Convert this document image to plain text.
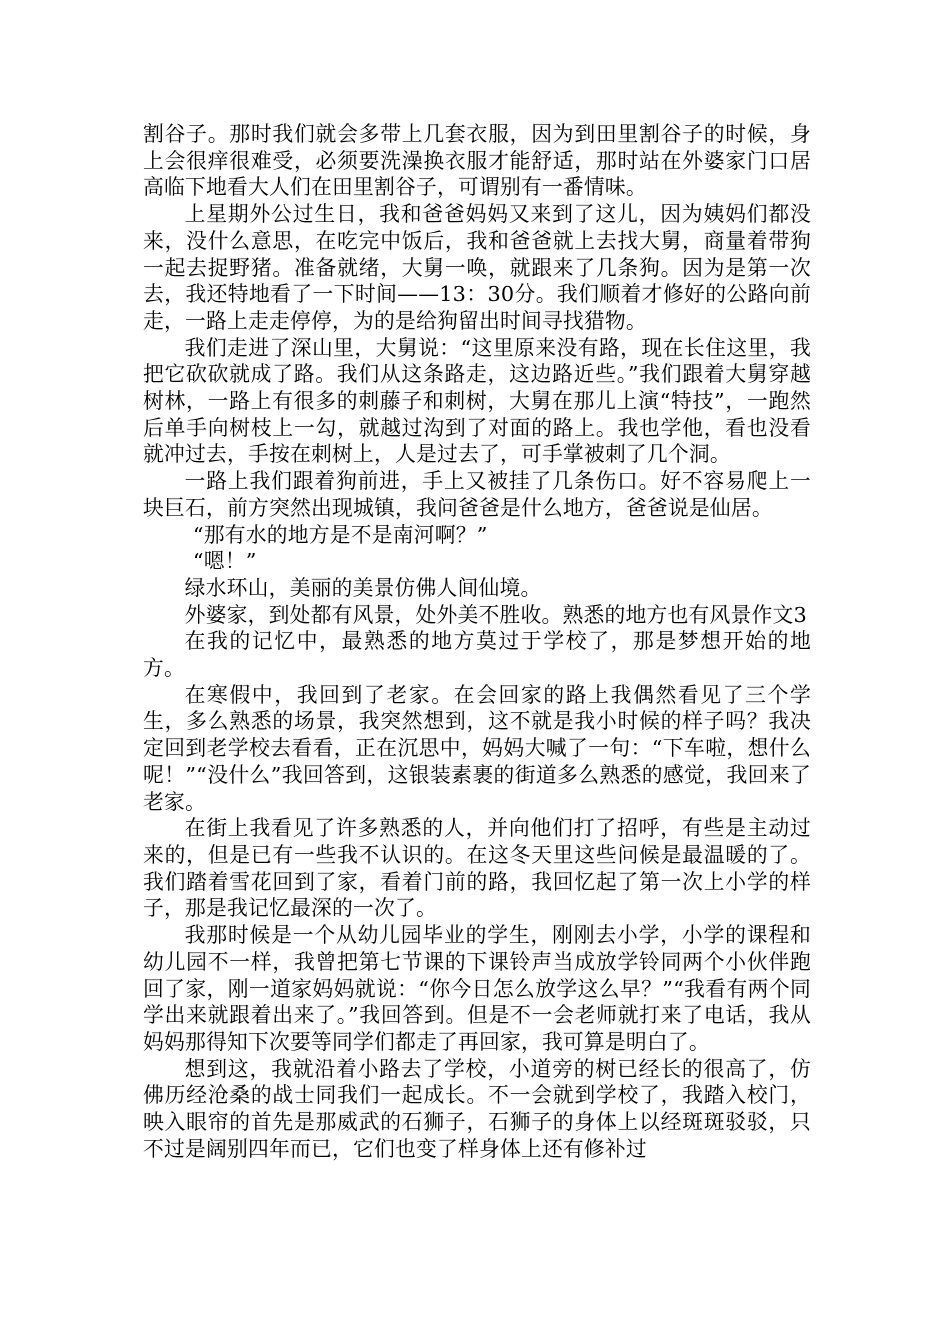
割谷子。那时我们就会多带上几套衣服，因为到田里割谷子的时候，身上会很痒很难受，必须要洗澡换衣服才能舒适，那时站在外婆家门口居高临下地看大人们在田里割谷子，可谓别有一番情味。

上星期外公过生日，我和爸爸妈妈又来到了这儿，因为姨妈们都没来，没什么意思，在吃完中饭后，我和爸爸就上去找大舅，商量着带狗一起去捉野猪。准备就绪，大舅一唤，就跟来了几条狗。因为是第一次去，我还特地看了一下时间——13：30分。我们顺着才修好的公路向前走，一路上走走停停，为的是给狗留出时间寻找猎物。

我们走进了深山里，大舅说：“这里原来没有路，现在长住这里，我把它砍砍就成了路。我们从这条路走，这边路近些。”我们跟着大舅穿越树林，一路上有很多的刺藤子和刺树，大舅在那儿上演“特技”，一跑然后单手向树枝上一勾，就越过沟到了对面的路上。我也学他，看也没看就冲过去，手按在刺树上，人是过去了，可手掌被刺了几个洞。

一路上我们跟着狗前进，手上又被挂了几条伤口。好不容易爬上一块巨石，前方突然出现城镇，我问爸爸是什么地方，爸爸说是仙居。

“那有水的地方是不是南河啊？”

“嗯！”

绿水环山，美丽的美景仿佛人间仙境。

外婆家，到处都有风景，处外美不胜收。熟悉的地方也有风景作文3

在我的记忆中，最熟悉的地方莫过于学校了，那是梦想开始的地方。

在寒假中，我回到了老家。在会回家的路上我偶然看见了三个学生，多么熟悉的场景，我突然想到，这不就是我小时候的样子吗？我决定回到老学校去看看，正在沉思中，妈妈大喊了一句：“下车啦，想什么呢！”“没什么”我回答到，这银装素裹的街道多么熟悉的感觉，我回来了老家。

在街上我看见了许多熟悉的人，并向他们打了招呼，有些是主动过来的，但是已有一些我不认识的。在这冬天里这些问候是最温暖的了。我们踏着雪花回到了家，看着门前的路，我回忆起了第一次上小学的样子，那是我记忆最深的一次了。

我那时候是一个从幼儿园毕业的学生，刚刚去小学，小学的课程和幼儿园不一样，我曾把第七节课的下课铃声当成放学铃同两个小伙伴跑回了家，刚一道家妈妈就说：“你今日怎么放学这么早？”“我看有两个同学出来就跟着出来了。”我回答到。但是不一会老师就打来了电话，我从妈妈那得知下次要等同学们都走了再回家，我可算是明白了。

想到这，我就沿着小路去了学校，小道旁的树已经长的很高了，仿佛历经沧桑的战士同我们一起成长。不一会就到学校了，我踏入校门，映入眼帘的首先是那威武的石狮子，石狮子的身体上以经斑斑驳驳，只不过是阔别四年而已，它们也变了样身体上还有修补过
